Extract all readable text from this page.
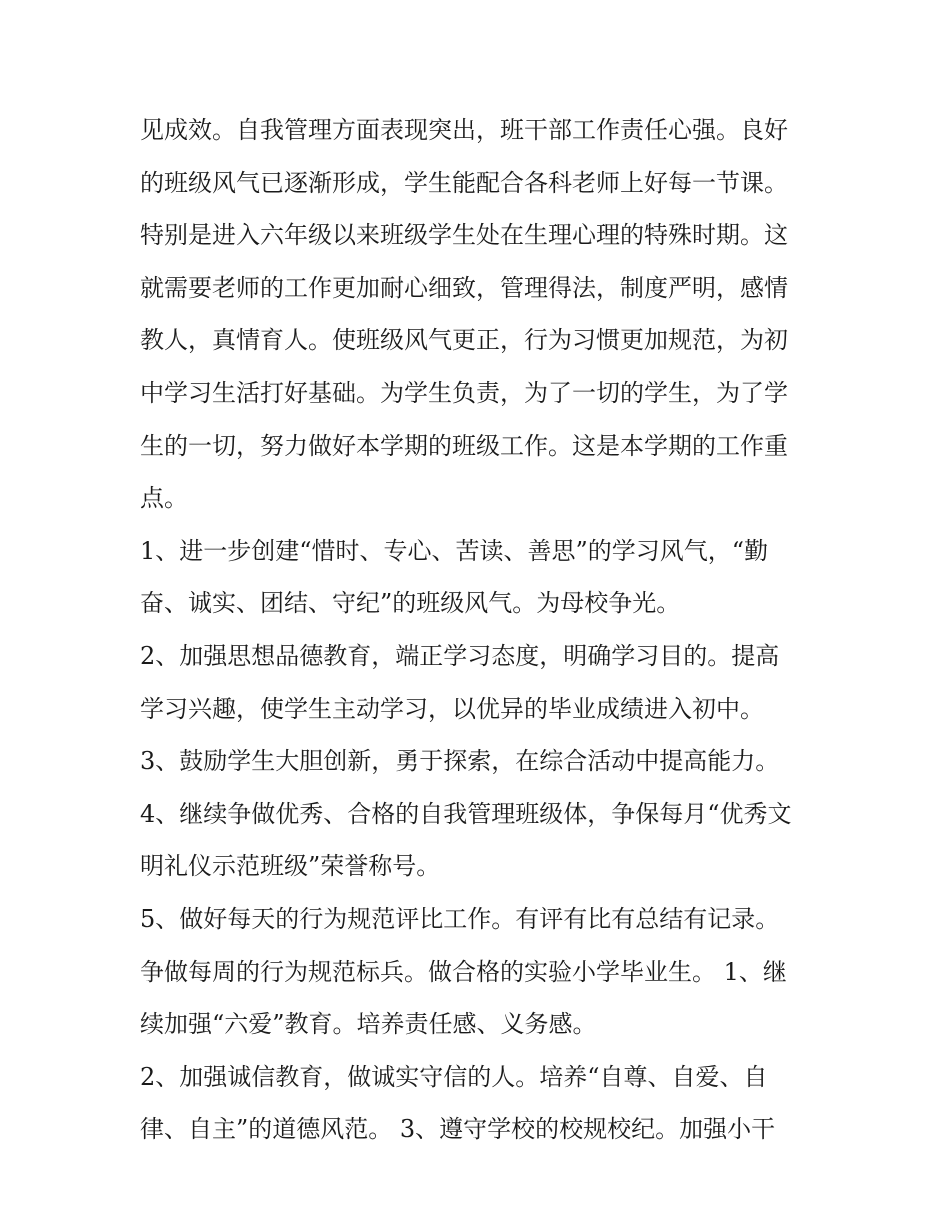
见成效。自我管理方面表现突出，班干部工作责任心强。良好
的班级风气已逐渐形成，学生能配合各科老师上好每一节课。
特别是进入六年级以来班级学生处在生理心理的特殊时期。这
就需要老师的工作更加耐心细致，管理得法，制度严明，感情
教人，真情育人。使班级风气更正，行为习惯更加规范，为初
中学习生活打好基础。为学生负责，为了一切的学生，为了学
生的一切，努力做好本学期的班级工作。这是本学期的工作重
点。
1、进一步创建“惜时、专心、苦读、善思”的学习风气，“勤
奋、诚实、团结、守纪”的班级风气。为母校争光。
2、加强思想品德教育，端正学习态度，明确学习目的。提高
学习兴趣，使学生主动学习，以优异的毕业成绩进入初中。
3、鼓励学生大胆创新，勇于探索，在综合活动中提高能力。
4、继续争做优秀、合格的自我管理班级体，争保每月“优秀文
明礼仪示范班级”荣誉称号。
5、做好每天的行为规范评比工作。有评有比有总结有记录。
争做每周的行为规范标兵。做合格的实验小学毕业生。 1、继
续加强“六爱”教育。培养责任感、义务感。
2、加强诚信教育，做诚实守信的人。培养“自尊、自爱、自
律、自主”的道德风范。 3、遵守学校的校规校纪。加强小干
